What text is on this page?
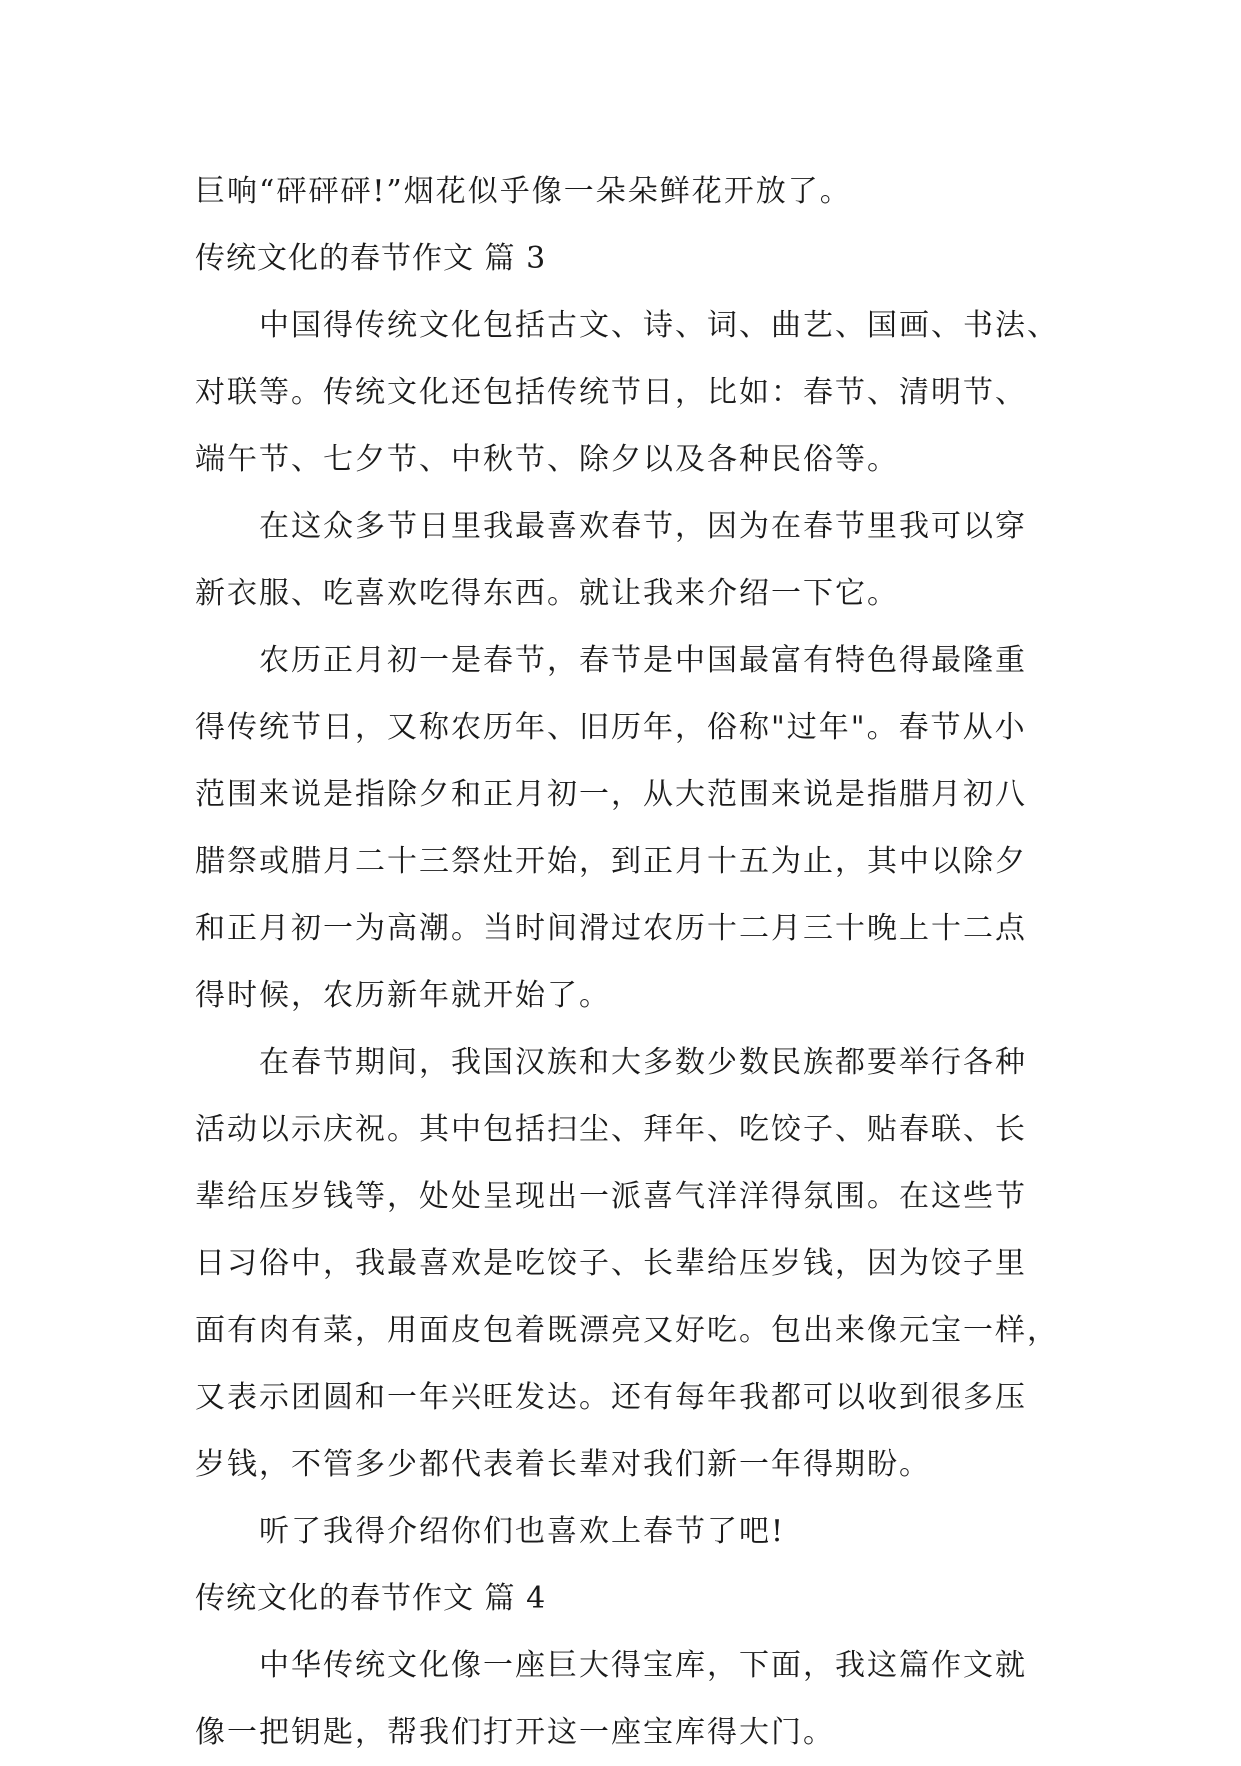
巨响“砰砰砰!”烟花似乎像一朵朵鲜花开放了。
传统文化的春节作文 篇 3
中国得传统文化包括古文、诗、词、曲艺、国画、书法、
对联等。传统文化还包括传统节日，比如：春节、清明节、
端午节、七夕节、中秋节、除夕以及各种民俗等。
在这众多节日里我最喜欢春节，因为在春节里我可以穿
新衣服、吃喜欢吃得东西。就让我来介绍一下它。
农历正月初一是春节，春节是中国最富有特色得最隆重
得传统节日，又称农历年、旧历年，俗称"过年"。春节从小
范围来说是指除夕和正月初一，从大范围来说是指腊月初八
腊祭或腊月二十三祭灶开始，到正月十五为止，其中以除夕
和正月初一为高潮。当时间滑过农历十二月三十晚上十二点
得时候，农历新年就开始了。
在春节期间，我国汉族和大多数少数民族都要举行各种
活动以示庆祝。其中包括扫尘、拜年、吃饺子、贴春联、长
辈给压岁钱等，处处呈现出一派喜气洋洋得氛围。在这些节
日习俗中，我最喜欢是吃饺子、长辈给压岁钱，因为饺子里
面有肉有菜，用面皮包着既漂亮又好吃。包出来像元宝一样，
又表示团圆和一年兴旺发达。还有每年我都可以收到很多压
岁钱，不管多少都代表着长辈对我们新一年得期盼。
听了我得介绍你们也喜欢上春节了吧!
传统文化的春节作文 篇 4
中华传统文化像一座巨大得宝库，下面，我这篇作文就
像一把钥匙，帮我们打开这一座宝库得大门。
